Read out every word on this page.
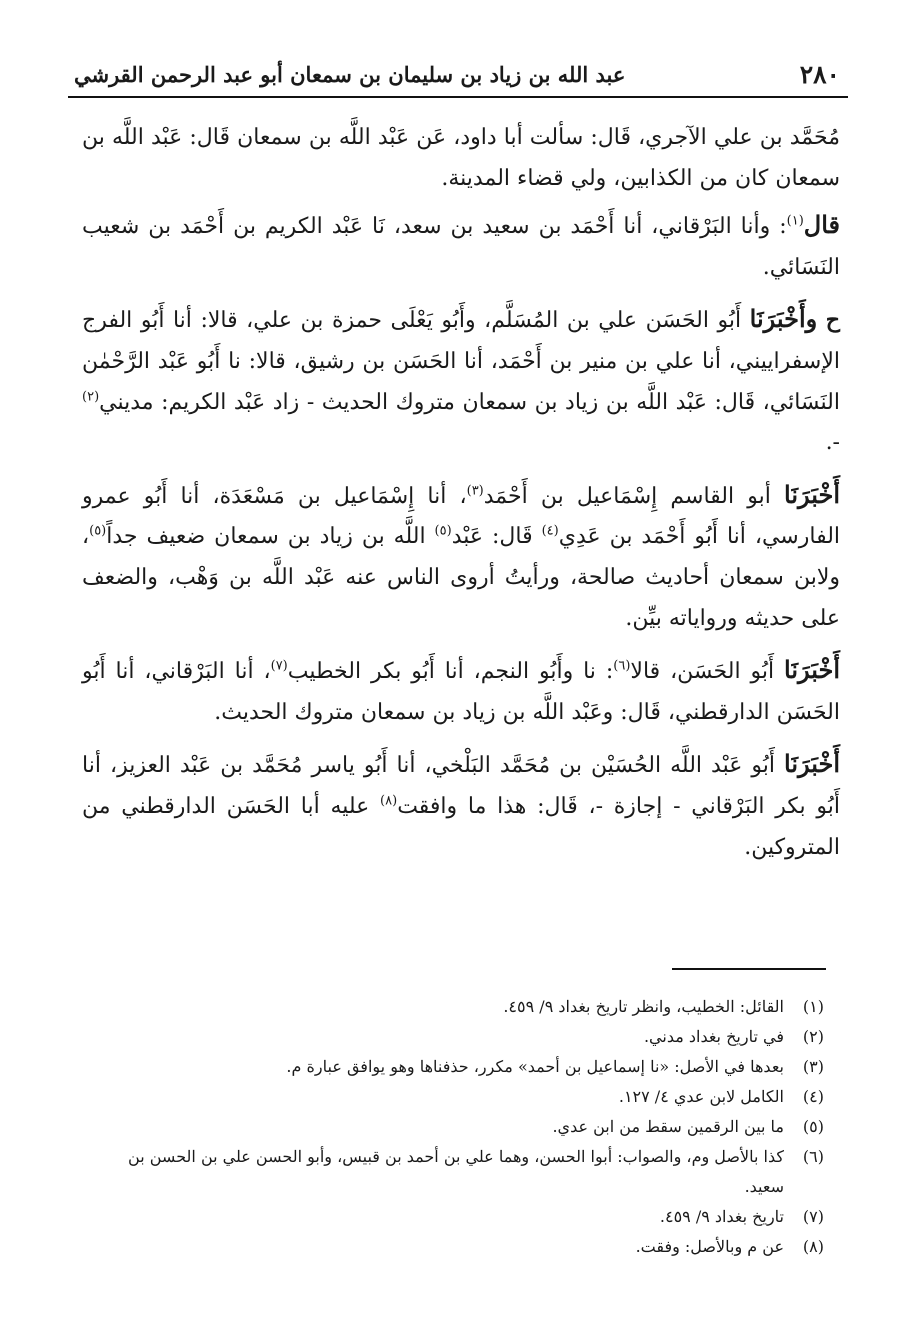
٢٨٠
عبد الله بن زياد بن سليمان بن سمعان أبو عبد الرحمن القرشي

مُحَمَّد بن علي الآجري، قَال: سألت أبا داود، عَن عَبْد اللَّه بن سمعان قَال: عَبْد اللَّه بن سمعان كان من الكذابين، ولي قضاء المدينة.

قال$^{(١)}$: وأنا البَرْقاني، أنا أَحْمَد بن سعيد بن سعد، نَا عَبْد الكريم بن أَحْمَد بن شعيب النَسَائي.

ح وأَخْبَرَنَا أَبُو الحَسَن علي بن المُسَلَّم، وأَبُو يَعْلَى حمزة بن علي، قالا: أنا أَبُو الفرج الإسفراييني، أنا علي بن منير بن أَحْمَد، أنا الحَسَن بن رشيق، قالا: نا أَبُو عَبْد الرَّحْمٰن النَسَائي، قَال: عَبْد اللَّه بن زياد بن سمعان متروك الحديث - زاد عَبْد الكريم: مديني$^{(٢)}$ -.

أَخْبَرَنَا أبو القاسم إِسْمَاعيل بن أَحْمَد$^{(٣)}$، أنا إِسْمَاعيل بن مَسْعَدَة، أنا أَبُو عمرو الفارسي، أنا أَبُو أَحْمَد بن عَدِي$^{(٤)}$ قَال: عَبْد$^{(٥)}$ اللَّه بن زياد بن سمعان ضعيف جداً$^{(٥)}$، ولابن سمعان أحاديث صالحة، ورأيتُ أروى الناس عنه عَبْد اللَّه بن وَهْب، والضعف على حديثه ورواياته بيِّن.

أَخْبَرَنَا أَبُو الحَسَن، قالا$^{(٦)}$: نا وأَبُو النجم، أنا أَبُو بكر الخطيب$^{(٧)}$، أنا البَرْقاني، أنا أَبُو الحَسَن الدارقطني، قَال: وعَبْد اللَّه بن زياد بن سمعان متروك الحديث.

أَخْبَرَنَا أَبُو عَبْد اللَّه الحُسَيْن بن مُحَمَّد البَلْخي، أنا أَبُو ياسر مُحَمَّد بن عَبْد العزيز، أنا أَبُو بكر البَرْقاني - إجازة -، قَال: هذا ما وافقت$^{(٨)}$ عليه أبا الحَسَن الدارقطني من المتروكين.

(١)
القائل: الخطيب، وانظر تاريخ بغداد ٩/ ٤٥٩.

(٢)
في تاريخ بغداد مدني.

(٣)
بعدها في الأصل: «نا إسماعيل بن أحمد» مكرر، حذفناها وهو يوافق عبارة م.

(٤)
الكامل لابن عدي ٤/ ١٢٧.

(٥)
ما بين الرقمين سقط من ابن عدي.

(٦)
كذا بالأصل وم، والصواب: أبوا الحسن، وهما علي بن أحمد بن قبيس، وأبو الحسن علي بن الحسن بن سعيد.

(٧)
تاريخ بغداد ٩/ ٤٥٩.

(٨)
عن م وبالأصل: وفقت.
